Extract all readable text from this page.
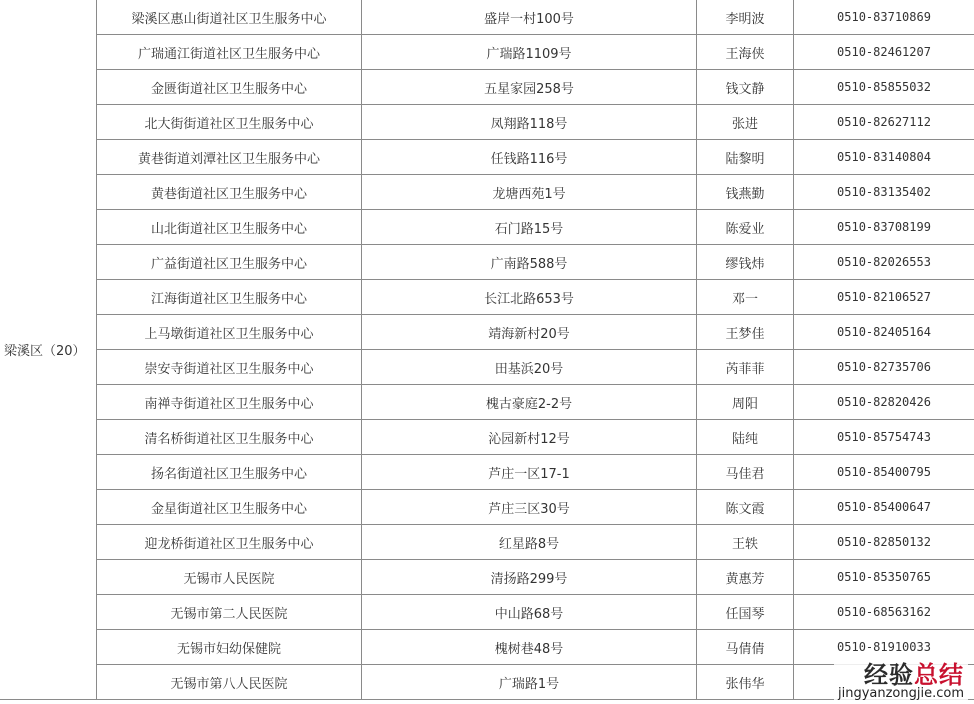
梁溪区（20）	梁溪区惠山街道社区卫生服务中心	盛岸一村100号	李明波	0510-83710869
	广瑞通江街道社区卫生服务中心	广瑞路1109号	王海侠	0510-82461207
	金匮街道社区卫生服务中心	五星家园258号	钱文静	0510-85855032
	北大街街道社区卫生服务中心	凤翔路118号	张进	0510-82627112
	黄巷街道刘潭社区卫生服务中心	任钱路116号	陆黎明	0510-83140804
	黄巷街道社区卫生服务中心	龙塘西苑1号	钱燕勤	0510-83135402
	山北街道社区卫生服务中心	石门路15号	陈爱业	0510-83708199
	广益街道社区卫生服务中心	广南路588号	缪钱炜	0510-82026553
	江海街道社区卫生服务中心	长江北路653号	邓一	0510-82106527
	上马墩街道社区卫生服务中心	靖海新村20号	王梦佳	0510-82405164
	崇安寺街道社区卫生服务中心	田基浜20号	芮菲菲	0510-82735706
	南禅寺街道社区卫生服务中心	槐古豪庭2-2号	周阳	0510-82820426
	清名桥街道社区卫生服务中心	沁园新村12号	陆纯	0510-85754743
	扬名街道社区卫生服务中心	芦庄一区17-1	马佳君	0510-85400795
	金星街道社区卫生服务中心	芦庄三区30号	陈文霞	0510-85400647
	迎龙桥街道社区卫生服务中心	红星路8号	王轶	0510-82850132
	无锡市人民医院	清扬路299号	黄惠芳	0510-85350765
	无锡市第二人民医院	中山路68号	任国琴	0510-68563162
	无锡市妇幼保健院	槐树巷48号	马倩倩	0510-81910033
	无锡市第八人民医院	广瑞路1号	张伟华		经验总结
jingyanzongjie.com
